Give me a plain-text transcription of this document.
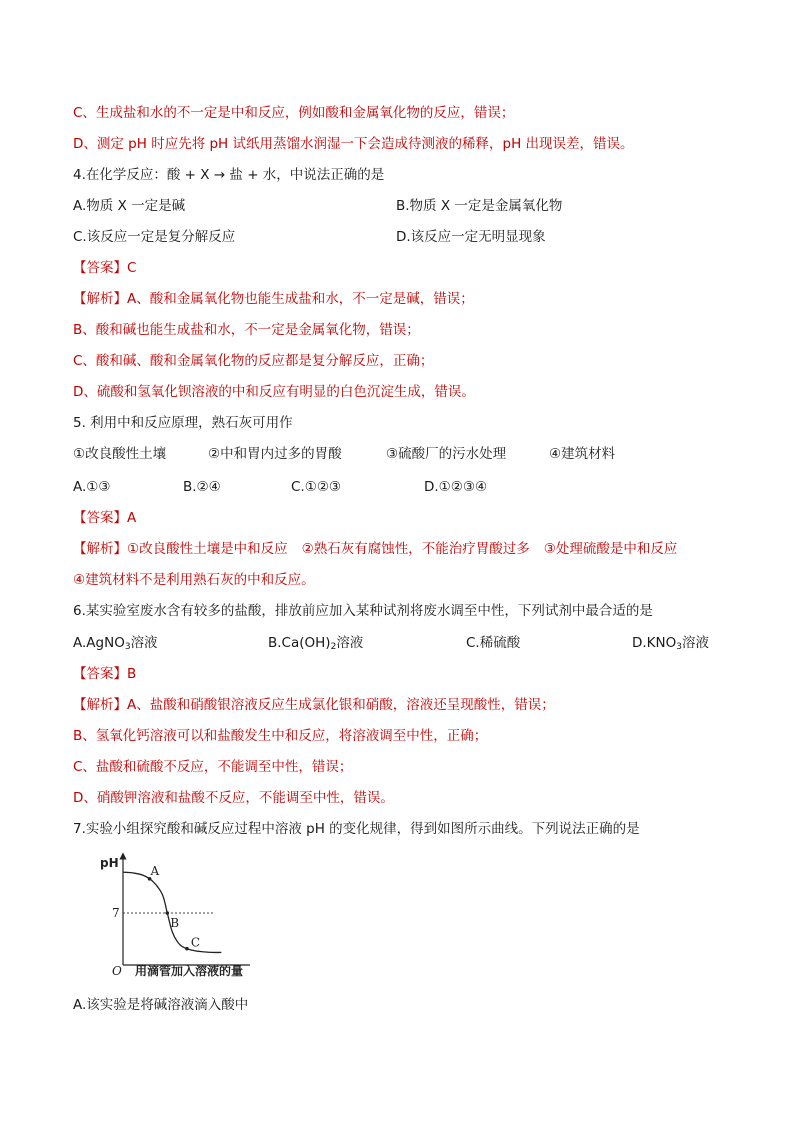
C、生成盐和水的不一定是中和反应，例如酸和金属氧化物的反应，错误；
D、测定 pH 时应先将 pH 试纸用蒸馏水润湿一下会造成待测液的稀释，pH 出现误差，错误。
4.在化学反应：酸 + X → 盐 + 水，中说法正确的是
A.物质 X 一定是碱	B.物质 X 一定是金属氧化物
C.该反应一定是复分解反应	D.该反应一定无明显现象
【答案】C
【解析】A、酸和金属氧化物也能生成盐和水，不一定是碱，错误；
B、酸和碱也能生成盐和水，不一定是金属氧化物，错误；
C、酸和碱、酸和金属氧化物的反应都是复分解反应，正确；
D、硫酸和氢氧化钡溶液的中和反应有明显的白色沉淀生成，错误。
5. 利用中和反应原理，熟石灰可用作
①改良酸性土壤	②中和胃内过多的胃酸	③硫酸厂的污水处理	④建筑材料
A.①③	B.②④	C.①②③	D.①②③④
【答案】A
【解析】①改良酸性土壤是中和反应 ②熟石灰有腐蚀性，不能治疗胃酸过多 ③处理硫酸是中和反应
④建筑材料不是利用熟石灰的中和反应。
6.某实验室废水含有较多的盐酸，排放前应加入某种试剂将废水调至中性，下列试剂中最合适的是
A.AgNO$_3$溶液	$B.Ca(OH)_2$溶液	C.稀硫酸	$D.KNO_3$溶液
【答案】B
【解析】A、盐酸和硝酸银溶液反应生成氯化银和硝酸，溶液还呈现酸性，错误；
B、氢氧化钙溶液可以和盐酸发生中和反应，将溶液调至中性，正确；
C、盐酸和硫酸不反应，不能调至中性，错误；
D、硝酸钾溶液和盐酸不反应，不能调至中性，错误。
7.实验小组探究酸和碱反应过程中溶液 pH 的变化规律，得到如图所示曲线。下列说法正确的是
pH
O 用滴管加入溶液的量
7
A
B
C
A.该实验是将碱溶液滴入酸中
